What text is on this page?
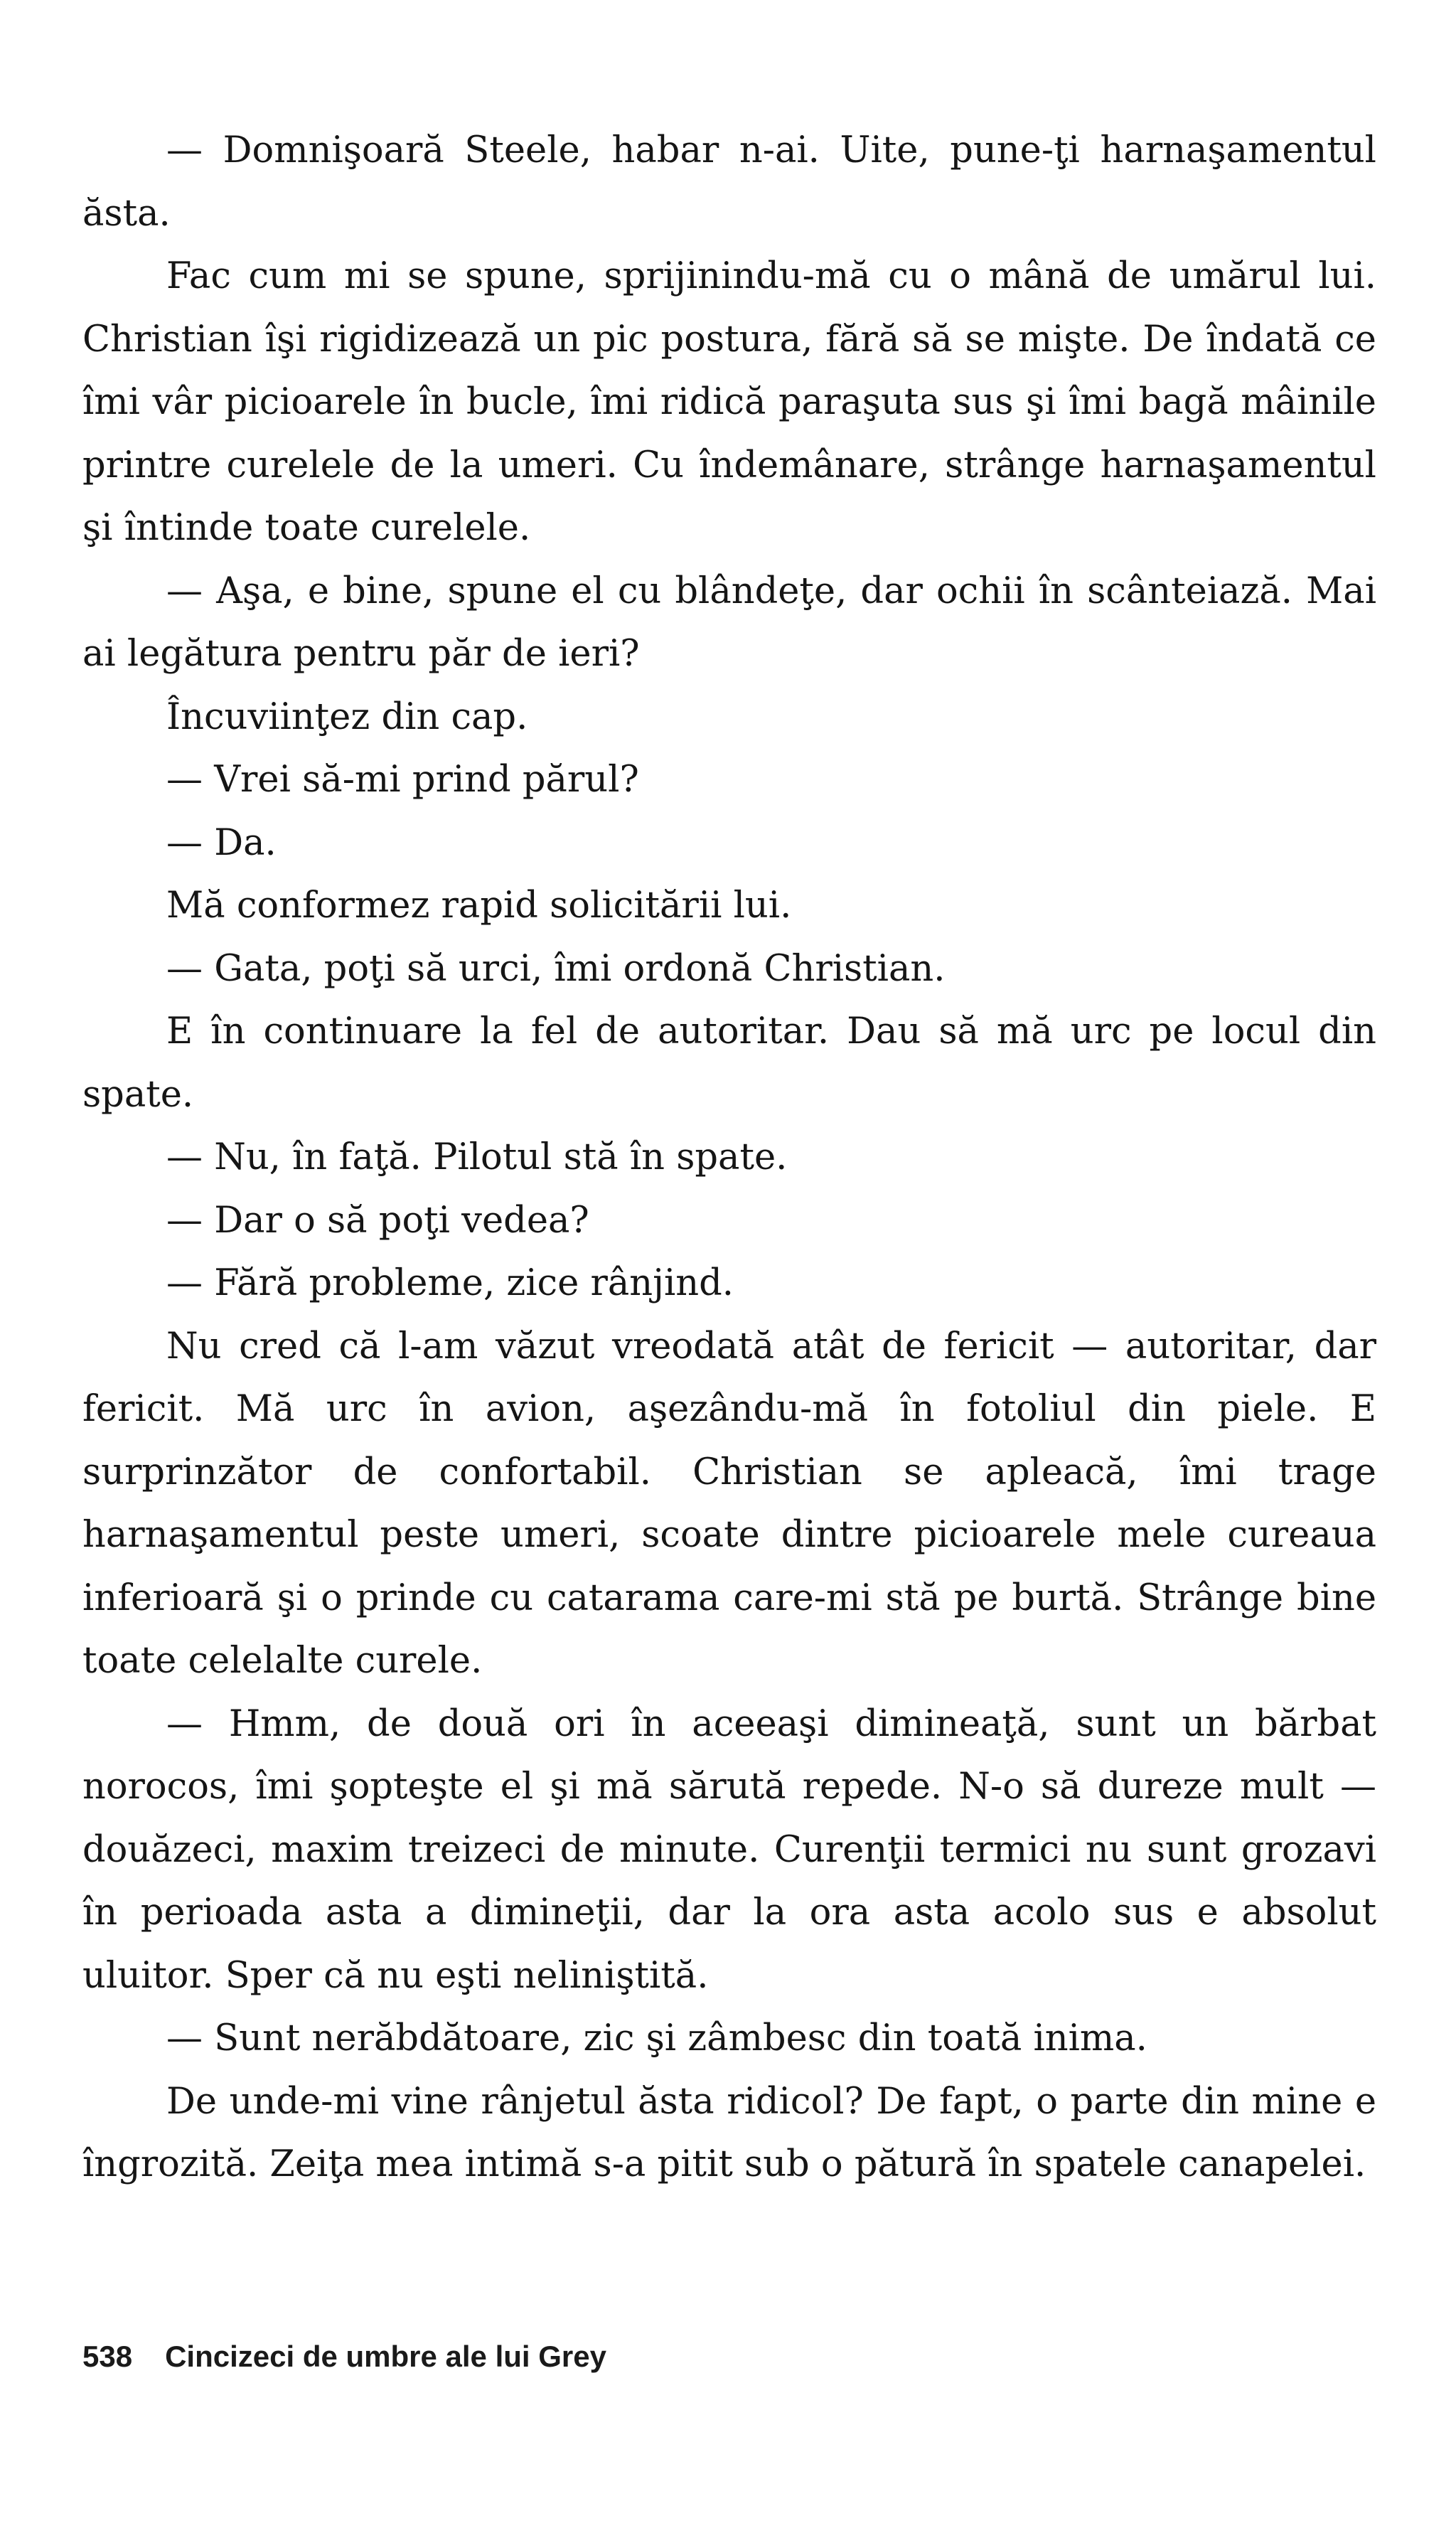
— Domnişoară Steele, habar n-ai. Uite, pune-ţi harnaşamentul ăsta.

Fac cum mi se spune, sprijinindu-mă cu o mână de umărul lui. Christian îşi rigidizează un pic postura, fără să se mişte. De îndată ce îmi vâr picioarele în bucle, îmi ridică paraşuta sus şi îmi bagă mâinile printre curelele de la umeri. Cu îndemânare, strânge harnaşamentul şi întinde toate curelele.

— Aşa, e bine, spune el cu blândeţe, dar ochii în scânteiază. Mai ai legătura pentru păr de ieri?

Încuviinţez din cap.

— Vrei să-mi prind părul?

— Da.

Mă conformez rapid solicitării lui.

— Gata, poţi să urci, îmi ordonă Christian.

E în continuare la fel de autoritar. Dau să mă urc pe locul din spate.

— Nu, în faţă. Pilotul stă în spate.

— Dar o să poţi vedea?

— Fără probleme, zice rânjind.

Nu cred că l-am văzut vreodată atât de fericit — autoritar, dar fericit. Mă urc în avion, aşezându-mă în fotoliul din piele. E surprinzător de confortabil. Christian se apleacă, îmi trage harnaşamentul peste umeri, scoate dintre picioarele mele cureaua inferioară şi o prinde cu catarama care-mi stă pe burtă. Strânge bine toate celelalte curele.

— Hmm, de două ori în aceeaşi dimineaţă, sunt un bărbat norocos, îmi şopteşte el şi mă sărută repede. N-o să dureze mult — douăzeci, maxim treizeci de minute. Curenţii termici nu sunt grozavi în perioada asta a dimineţii, dar la ora asta acolo sus e absolut uluitor. Sper că nu eşti neliniştită.

— Sunt nerăbdătoare, zic şi zâmbesc din toată inima.

De unde-mi vine rânjetul ăsta ridicol? De fapt, o parte din mine e îngrozită. Zeiţa mea intimă s-a pitit sub o pătură în spatele canapelei.

538 Cincizeci de umbre ale lui Grey
